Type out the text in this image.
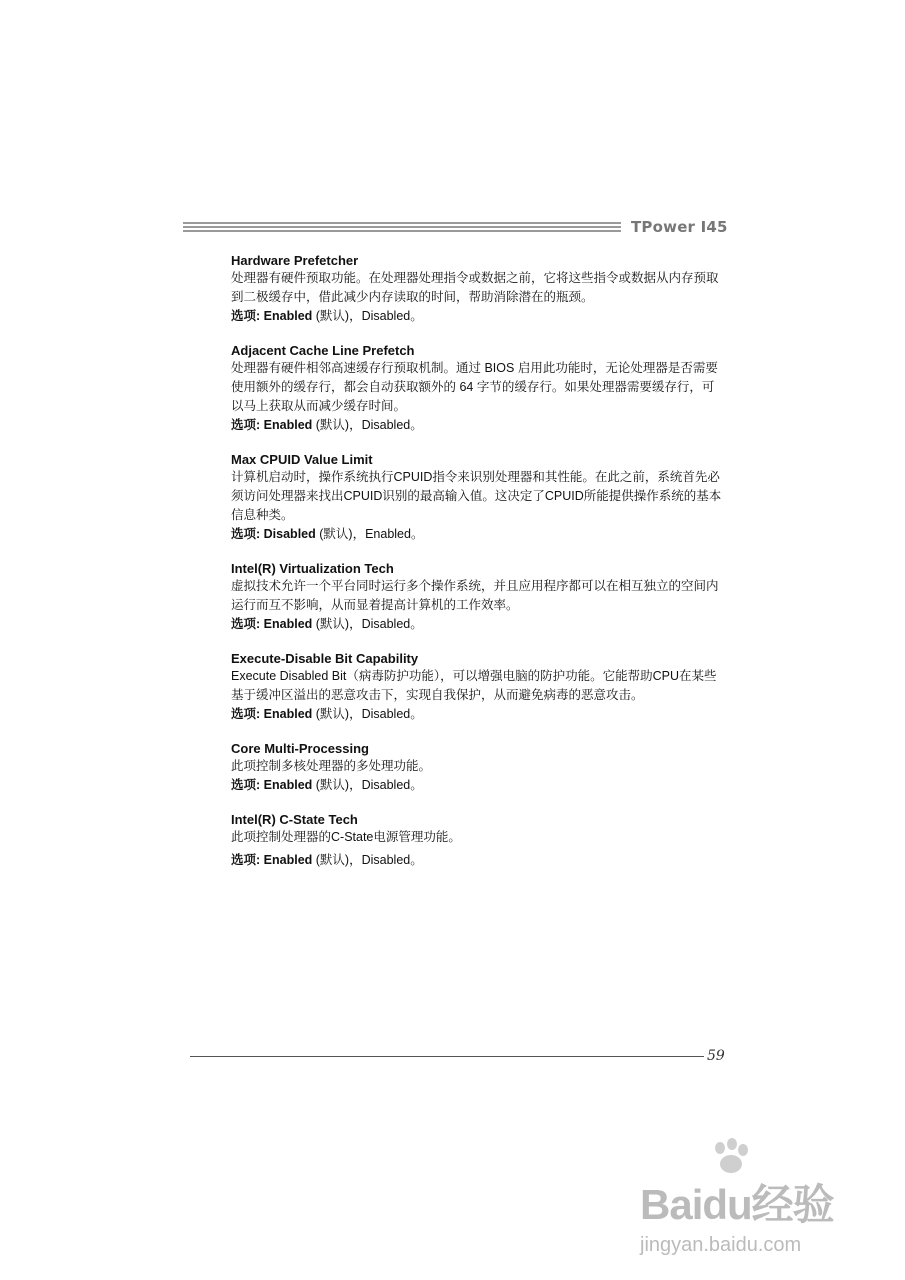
TPower I45
Hardware Prefetcher

处理器有硬件预取功能。在处理器处理指令或数据之前，它将这些指令或数据从内存预取到二极缓存中，借此减少内存读取的时间，帮助消除潜在的瓶颈。

选项: Enabled (默认)，Disabled。
Adjacent Cache Line Prefetch

处理器有硬件相邻高速缓存行预取机制。通过 BIOS 启用此功能时，无论处理器是否需要使用额外的缓存行，都会自动获取额外的 64 字节的缓存行。如果处理器需要缓存行，可以马上获取从而减少缓存时间。

选项: Enabled (默认)，Disabled。
Max CPUID Value Limit

计算机启动时，操作系统执行CPUID指令来识别处理器和其性能。在此之前，系统首先必须访问处理器来找出CPUID识别的最高输入值。这决定了CPUID所能提供操作系统的基本信息种类。

选项: Disabled (默认)，Enabled。
Intel(R) Virtualization Tech

虚拟技术允许一个平台同时运行多个操作系统，并且应用程序都可以在相互独立的空间内运行而互不影响，从而显着提高计算机的工作效率。

选项: Enabled (默认)，Disabled。
Execute-Disable Bit Capability

Execute Disabled Bit（病毒防护功能），可以增强电脑的防护功能。它能帮助CPU在某些基于缓冲区溢出的恶意攻击下，实现自我保护，从而避免病毒的恶意攻击。

选项: Enabled (默认)，Disabled。
Core Multi-Processing

此项控制多核处理器的多处理功能。

选项: Enabled (默认)，Disabled。
Intel(R) C-State Tech

此项控制处理器的C-State电源管理功能。

选项: Enabled (默认)，Disabled。
59
Baidu经验
jingyan.baidu.com
